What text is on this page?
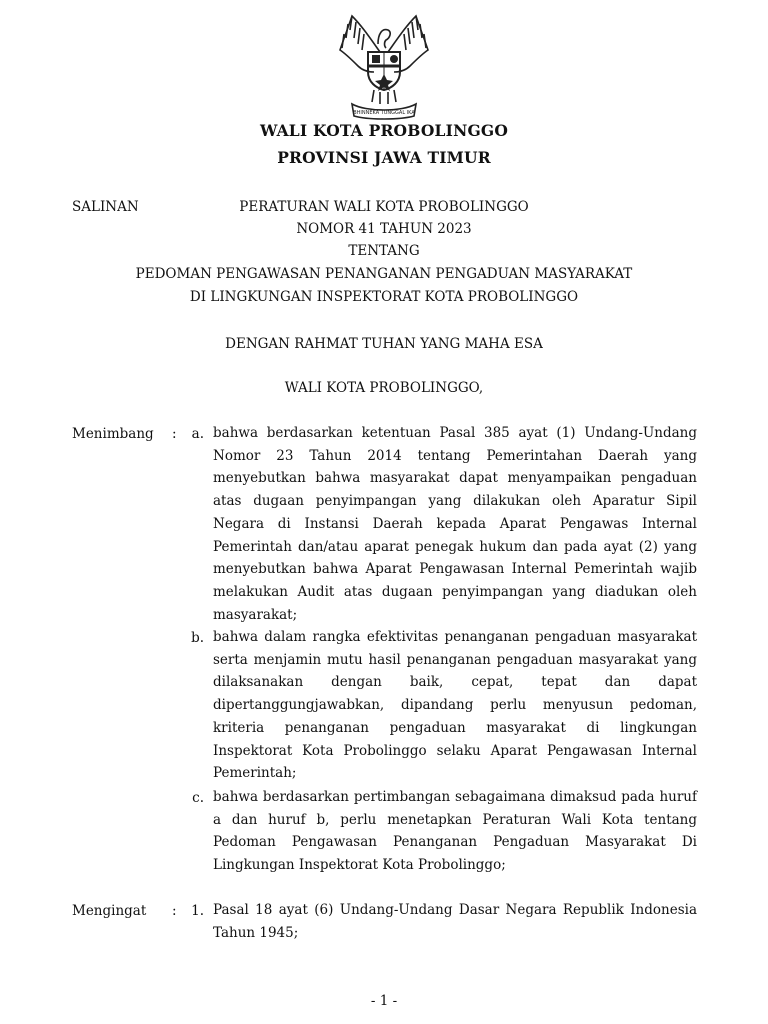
BHINNEKA TUNGGAL IKA
WALI KOTA PROBOLINGGO
PROVINSI JAWA TIMUR
SALINAN	PERATURAN WALI KOTA PROBOLINGGO
NOMOR 41 TAHUN 2023
TENTANG
PEDOMAN PENGAWASAN PENANGANAN PENGADUAN MASYARAKAT
DI LINGKUNGAN INSPEKTORAT KOTA PROBOLINGGO
DENGAN RAHMAT TUHAN YANG MAHA ESA
WALI KOTA PROBOLINGGO,
Menimbang :	a. bahwa berdasarkan ketentuan Pasal 385 ayat (1) Undang-Undang Nomor 23 Tahun 2014 tentang Pemerintahan Daerah yang menyebutkan bahwa masyarakat dapat menyampaikan pengaduan atas dugaan penyimpangan yang dilakukan oleh Aparatur Sipil Negara di Instansi Daerah kepada Aparat Pengawas Internal Pemerintah dan/atau aparat penegak hukum dan pada ayat (2) yang menyebutkan bahwa Aparat Pengawasan Internal Pemerintah wajib melakukan Audit atas dugaan penyimpangan yang diadukan oleh masyarakat;

b. bahwa dalam rangka efektivitas penanganan pengaduan masyarakat serta menjamin mutu hasil penanganan pengaduan masyarakat yang dilaksanakan dengan baik, cepat, tepat dan dapat dipertanggungjawabkan, dipandang perlu menyusun pedoman, kriteria penanganan pengaduan masyarakat di lingkungan Inspektorat Kota Probolinggo selaku Aparat Pengawasan Internal Pemerintah;

c. bahwa berdasarkan pertimbangan sebagaimana dimaksud pada huruf a dan huruf b, perlu menetapkan Peraturan Wali Kota tentang Pedoman Pengawasan Penanganan Pengaduan Masyarakat Di Lingkungan Inspektorat Kota Probolinggo;

Mengingat :	1. Pasal 18 ayat (6) Undang-Undang Dasar Negara Republik Indonesia Tahun 1945;

- 1 -
